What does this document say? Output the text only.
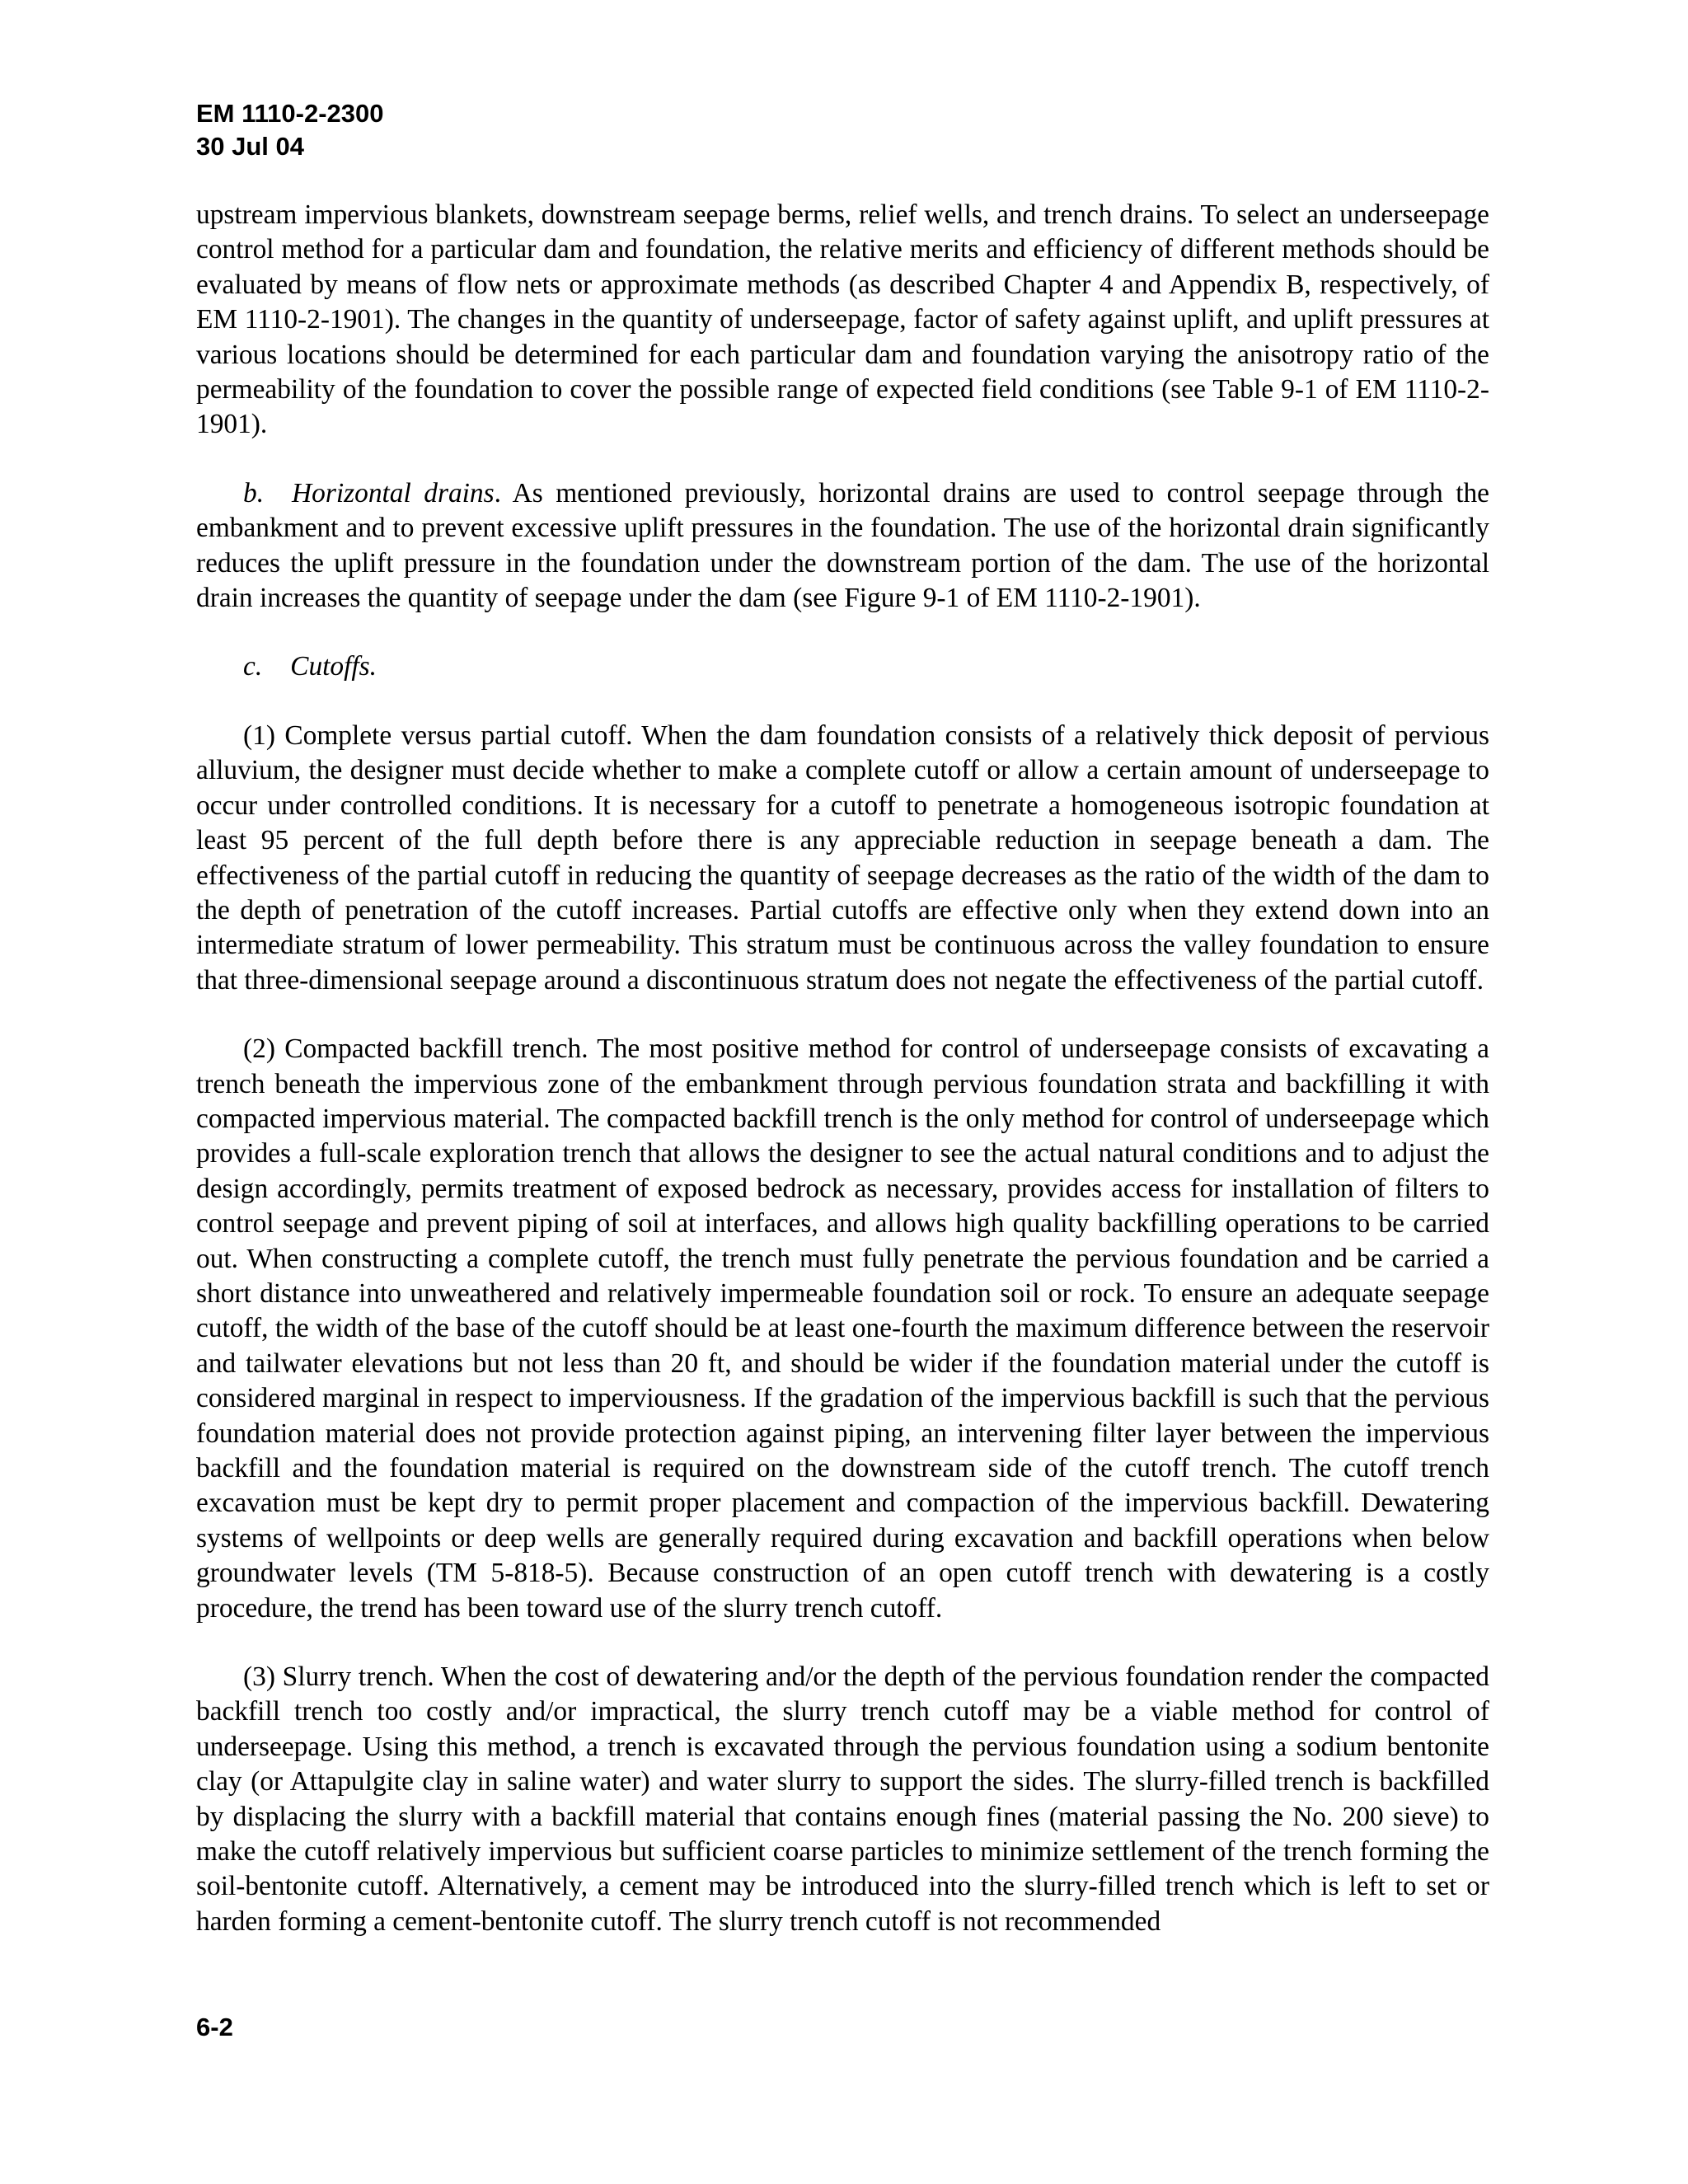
EM 1110-2-2300
30 Jul 04

upstream impervious blankets, downstream seepage berms, relief wells, and trench drains. To select an underseepage control method for a particular dam and foundation, the relative merits and efficiency of different methods should be evaluated by means of flow nets or approximate methods (as described Chapter 4 and Appendix B, respectively, of EM 1110-2-1901). The changes in the quantity of underseepage, factor of safety against uplift, and uplift pressures at various locations should be determined for each particular dam and foundation varying the anisotropy ratio of the permeability of the foundation to cover the possible range of expected field conditions (see Table 9-1 of EM 1110-2-1901).

b. Horizontal drains. As mentioned previously, horizontal drains are used to control seepage through the embankment and to prevent excessive uplift pressures in the foundation. The use of the horizontal drain significantly reduces the uplift pressure in the foundation under the downstream portion of the dam. The use of the horizontal drain increases the quantity of seepage under the dam (see Figure 9-1 of EM 1110-2-1901).

c. Cutoffs.

(1) Complete versus partial cutoff. When the dam foundation consists of a relatively thick deposit of pervious alluvium, the designer must decide whether to make a complete cutoff or allow a certain amount of underseepage to occur under controlled conditions. It is necessary for a cutoff to penetrate a homogeneous isotropic foundation at least 95 percent of the full depth before there is any appreciable reduction in seepage beneath a dam. The effectiveness of the partial cutoff in reducing the quantity of seepage decreases as the ratio of the width of the dam to the depth of penetration of the cutoff increases. Partial cutoffs are effective only when they extend down into an intermediate stratum of lower permeability. This stratum must be continuous across the valley foundation to ensure that three-dimensional seepage around a discontinuous stratum does not negate the effectiveness of the partial cutoff.

(2) Compacted backfill trench. The most positive method for control of underseepage consists of excavating a trench beneath the impervious zone of the embankment through pervious foundation strata and backfilling it with compacted impervious material. The compacted backfill trench is the only method for control of underseepage which provides a full-scale exploration trench that allows the designer to see the actual natural conditions and to adjust the design accordingly, permits treatment of exposed bedrock as necessary, provides access for installation of filters to control seepage and prevent piping of soil at interfaces, and allows high quality backfilling operations to be carried out. When constructing a complete cutoff, the trench must fully penetrate the pervious foundation and be carried a short distance into unweathered and relatively impermeable foundation soil or rock. To ensure an adequate seepage cutoff, the width of the base of the cutoff should be at least one-fourth the maximum difference between the reservoir and tailwater elevations but not less than 20 ft, and should be wider if the foundation material under the cutoff is considered marginal in respect to imperviousness. If the gradation of the impervious backfill is such that the pervious foundation material does not provide protection against piping, an intervening filter layer between the impervious backfill and the foundation material is required on the downstream side of the cutoff trench. The cutoff trench excavation must be kept dry to permit proper placement and compaction of the impervious backfill. Dewatering systems of wellpoints or deep wells are generally required during excavation and backfill operations when below groundwater levels (TM 5-818-5). Because construction of an open cutoff trench with dewatering is a costly procedure, the trend has been toward use of the slurry trench cutoff.

(3) Slurry trench. When the cost of dewatering and/or the depth of the pervious foundation render the compacted backfill trench too costly and/or impractical, the slurry trench cutoff may be a viable method for control of underseepage. Using this method, a trench is excavated through the pervious foundation using a sodium bentonite clay (or Attapulgite clay in saline water) and water slurry to support the sides. The slurry-filled trench is backfilled by displacing the slurry with a backfill material that contains enough fines (material passing the No. 200 sieve) to make the cutoff relatively impervious but sufficient coarse particles to minimize settlement of the trench forming the soil-bentonite cutoff. Alternatively, a cement may be introduced into the slurry-filled trench which is left to set or harden forming a cement-bentonite cutoff. The slurry trench cutoff is not recommended

6-2
